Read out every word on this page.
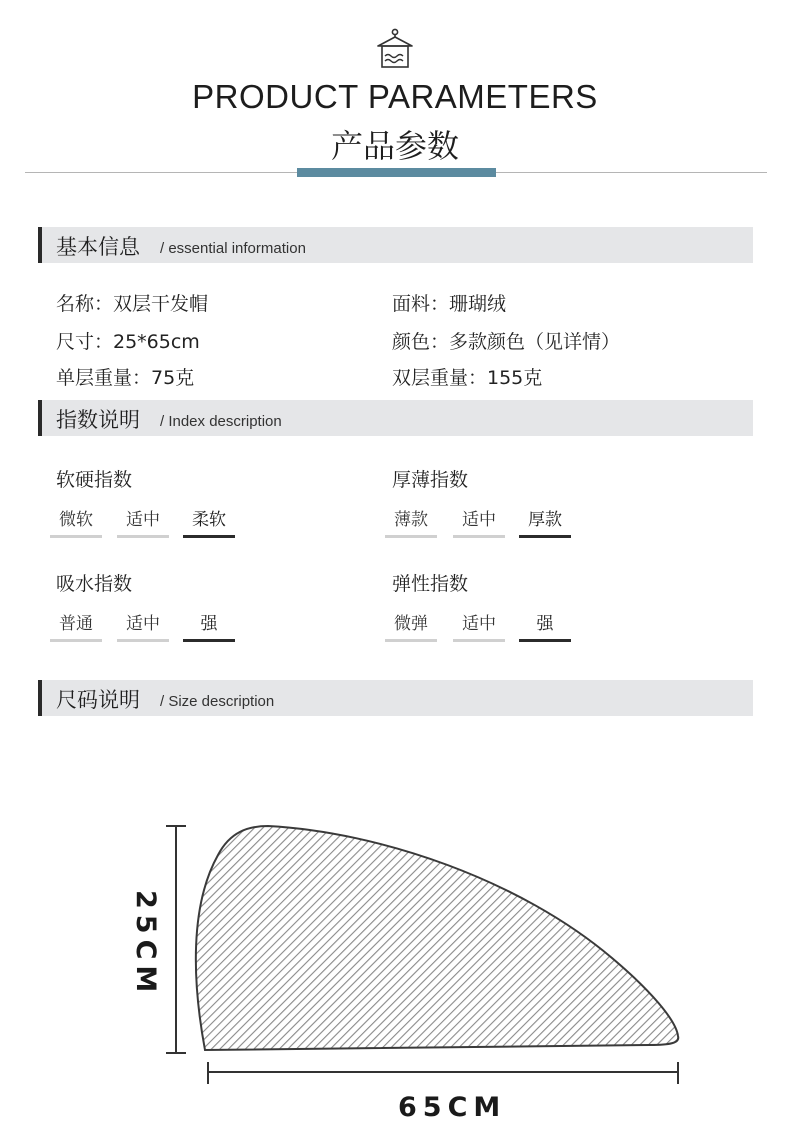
PRODUCT PARAMETERS
产品参数
基本信息 / essential information
名称：双层干发帽	面料：珊瑚绒
尺寸：25*65cm	颜色：多款颜色（见详情）
单层重量：75克	双层重量：155克
指数说明 / Index description
软硬指数
微软	适中	柔软
厚薄指数
薄款	适中	厚款
吸水指数
普通	适中	强
弹性指数
微弹	适中	强
尺码说明 / Size description
25CM
65CM
